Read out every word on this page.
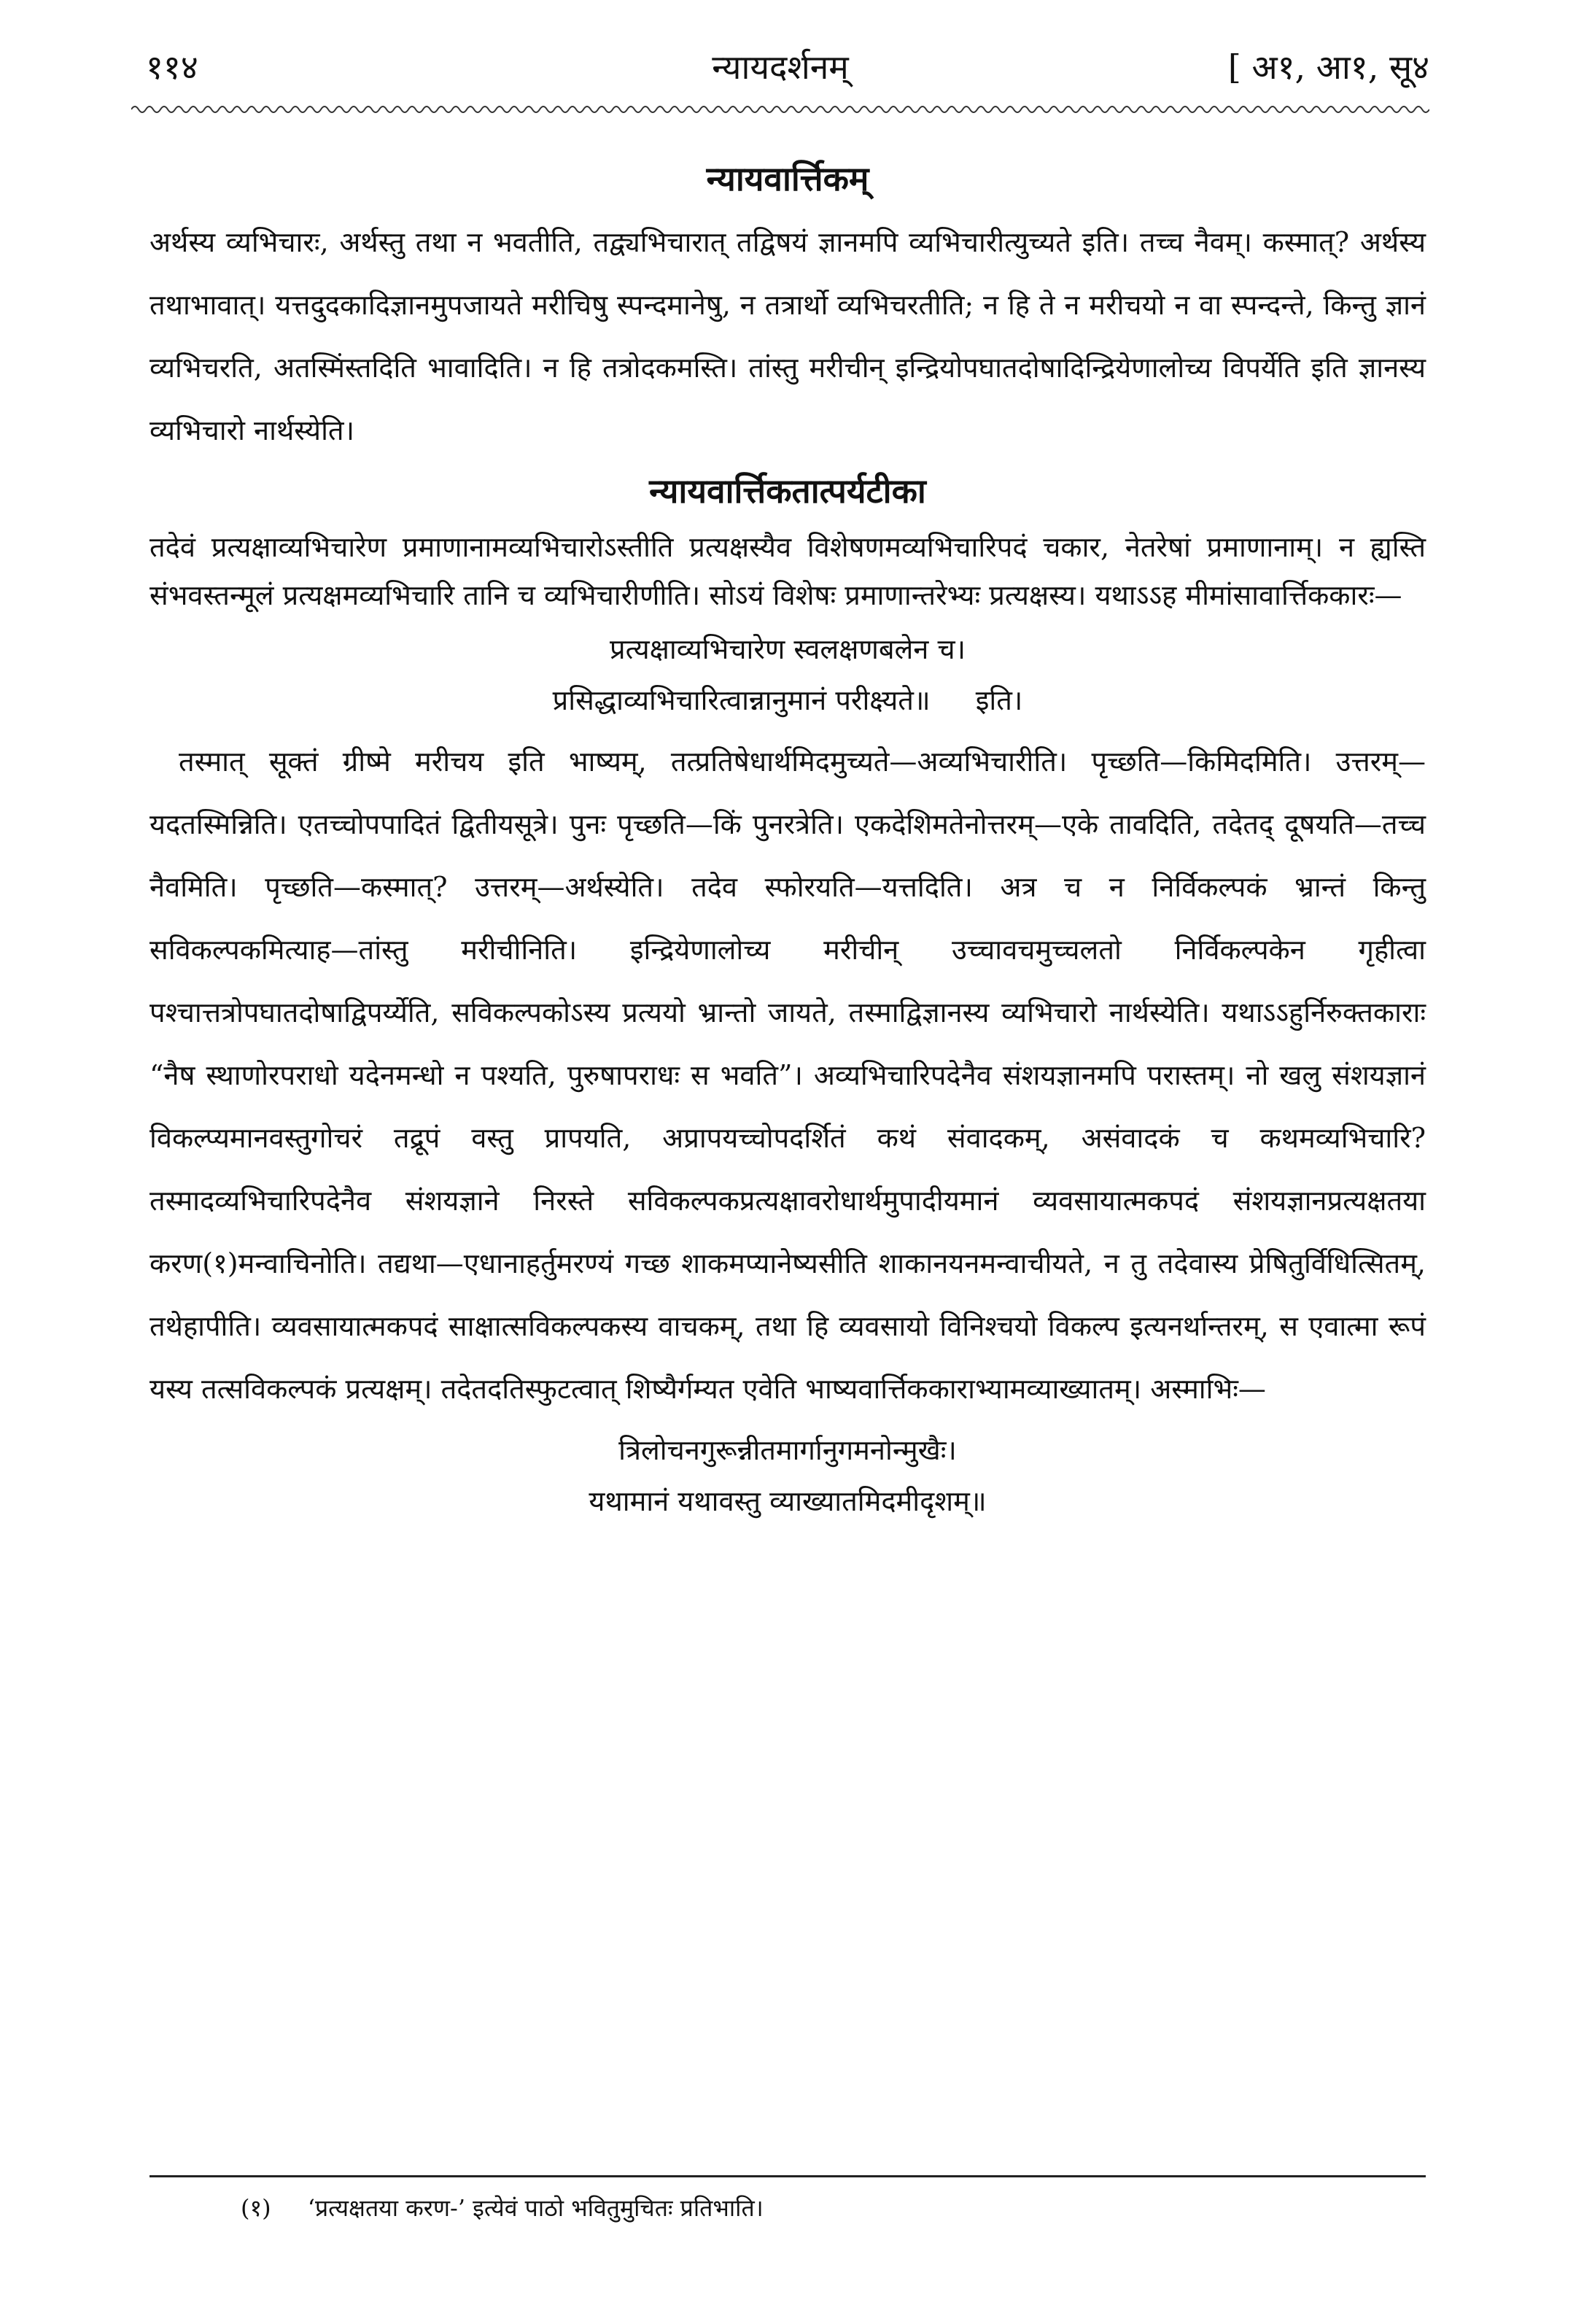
११४	न्यायदर्शनम्	[ अ१, आ१, सू४
न्यायवार्त्तिकम्

अर्थस्य व्यभिचारः, अर्थस्तु तथा न भवतीति, तद्व्यभिचारात् तद्विषयं ज्ञानमपि व्यभिचारीत्युच्यते इति। तच्च नैवम्। कस्मात्? अर्थस्य तथाभावात्। यत्तदुदकादिज्ञानमुपजायते मरीचिषु स्पन्दमानेषु, न तत्रार्थो व्यभिचरतीति; न हि ते न मरीचयो न वा स्पन्दन्ते, किन्तु ज्ञानं व्यभिचरति, अतस्मिंस्तदिति भावादिति। न हि तत्रोदकमस्ति। तांस्तु मरीचीन् इन्द्रियोपघातदोषादिन्द्रियेणालोच्य विपर्येति इति ज्ञानस्य व्यभिचारो नार्थस्येति।

न्यायवार्त्तिकतात्पर्यटीका

तदेवं प्रत्यक्षाव्यभिचारेण प्रमाणानामव्यभिचारोऽस्तीति प्रत्यक्षस्यैव विशेषणमव्यभिचारिपदं चकार, नेतरेषां प्रमाणानाम्। न ह्यस्ति संभवस्तन्मूलं प्रत्यक्षमव्यभिचारि तानि च व्यभिचारीणीति। सोऽयं विशेषः प्रमाणान्तरेभ्यः प्रत्यक्षस्य। यथाऽऽह मीमांसावार्त्तिककारः—

प्रत्यक्षाव्यभिचारेण स्वलक्षणबलेन च।
प्रसिद्धाव्यभिचारित्वान्नानुमानं परीक्ष्यते॥ इति।

तस्मात् सूक्तं ग्रीष्मे मरीचय इति भाष्यम्, तत्प्रतिषेधार्थमिदमुच्यते—अव्यभिचारीति। पृच्छति—किमिदमिति। उत्तरम्—यदतस्मिन्निति। एतच्चोपपादितं द्वितीयसूत्रे। पुनः पृच्छति—किं पुनरत्रेति। एकदेशिमतेनोत्तरम्—एके तावदिति, तदेतद् दूषयति—तच्च नैवमिति। पृच्छति—कस्मात्? उत्तरम्—अर्थस्येति। तदेव स्फोरयति—यत्तदिति। अत्र च न निर्विकल्पकं भ्रान्तं किन्तु सविकल्पकमित्याह—तांस्तु मरीचीनिति। इन्द्रियेणालोच्य मरीचीन् उच्चावचमुच्चलतो निर्विकल्पकेन गृहीत्वा पश्चात्तत्रोपघातदोषाद्विपर्य्येति, सविकल्पकोऽस्य प्रत्ययो भ्रान्तो जायते, तस्माद्विज्ञानस्य व्यभिचारो नार्थस्येति। यथाऽऽहुर्निरुक्तकाराः “नैष स्थाणोरपराधो यदेनमन्धो न पश्यति, पुरुषापराधः स भवति”। अव्यभिचारिपदेनैव संशयज्ञानमपि परास्तम्। नो खलु संशयज्ञानं विकल्प्यमानवस्तुगोचरं तद्रूपं वस्तु प्रापयति, अप्रापयच्चोपदर्शितं कथं संवादकम्, असंवादकं च कथमव्यभिचारि? तस्मादव्यभिचारिपदेनैव संशयज्ञाने निरस्ते सविकल्पकप्रत्यक्षावरोधार्थमुपादीयमानं व्यवसायात्मकपदं संशयज्ञानप्रत्यक्षतया करण(१)मन्वाचिनोति। तद्यथा—एधानाहर्तुमरण्यं गच्छ शाकमप्यानेष्यसीति शाकानयनमन्वाचीयते, न तु तदेवास्य प्रेषितुर्विधित्सितम्, तथेहापीति। व्यवसायात्मकपदं साक्षात्सविकल्पकस्य वाचकम्, तथा हि व्यवसायो विनिश्चयो विकल्प इत्यनर्थान्तरम्, स एवात्मा रूपं यस्य तत्सविकल्पकं प्रत्यक्षम्। तदेतदतिस्फुटत्वात् शिष्यैर्गम्यत एवेति भाष्यवार्त्तिककाराभ्यामव्याख्यातम्। अस्माभिः—

त्रिलोचनगुरून्नीतमार्गानुगमनोन्मुखैः।
यथामानं यथावस्तु व्याख्यातमिदमीदृशम्॥
(१) ‘प्रत्यक्षतया करण-’ इत्येवं पाठो भवितुमुचितः प्रतिभाति।
